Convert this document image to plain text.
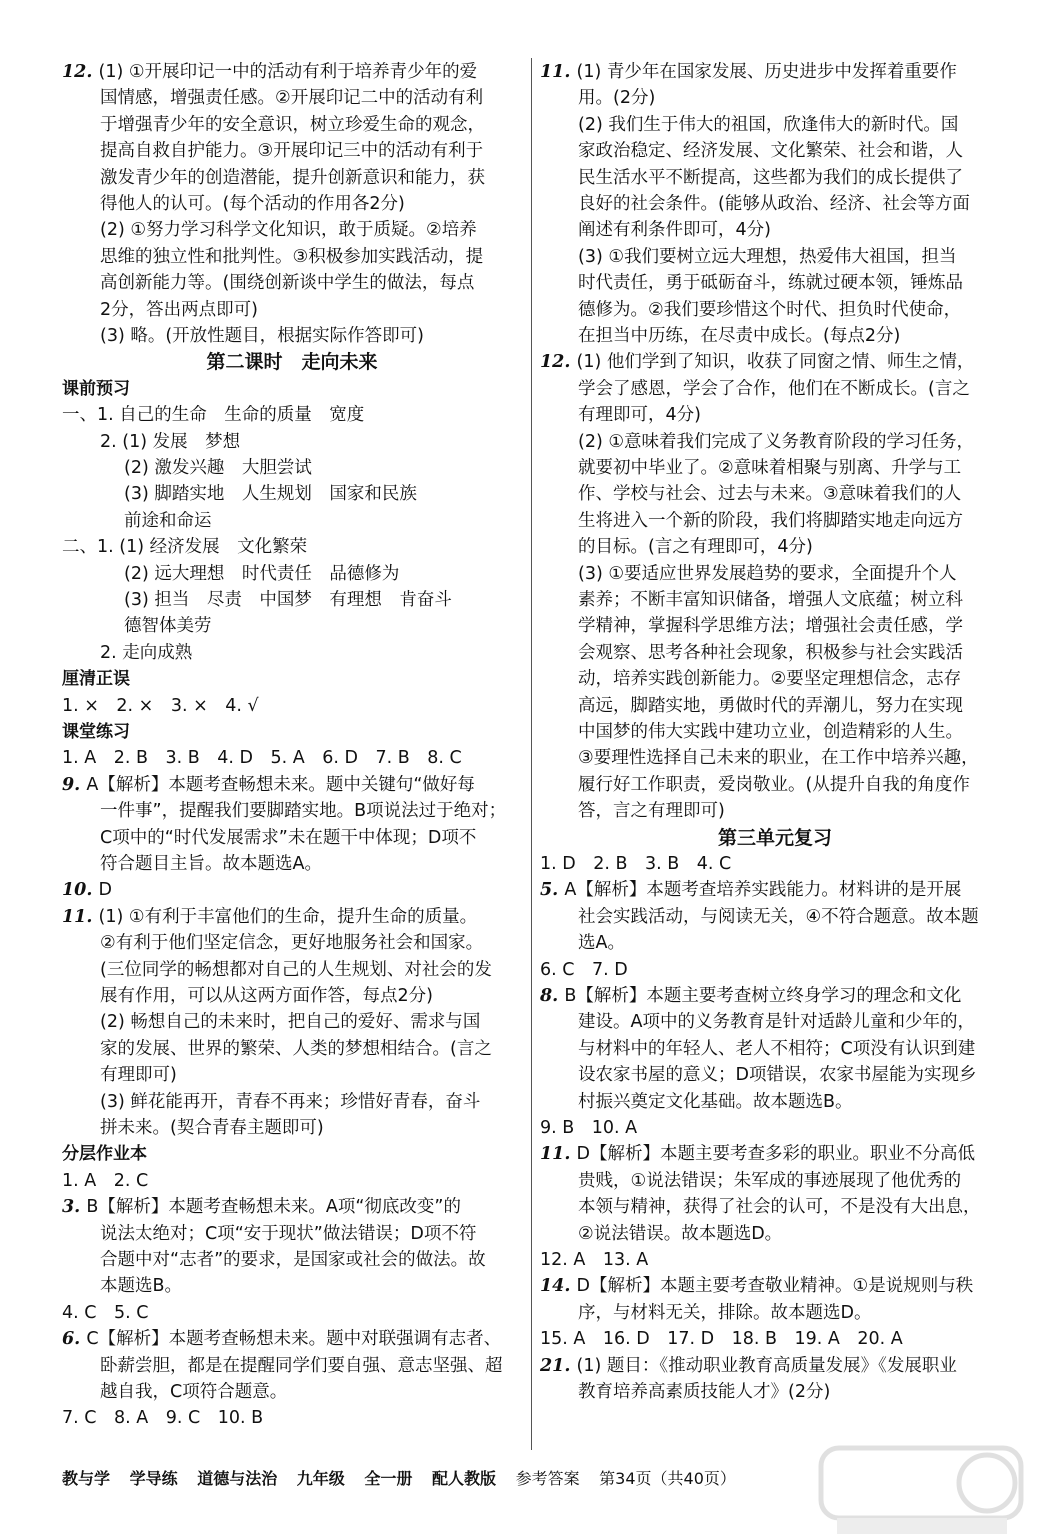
12. (1) ①开展印记一中的活动有利于培养青少年的爱
国情感，增强责任感。②开展印记二中的活动有利
于增强青少年的安全意识，树立珍爱生命的观念，
提高自救自护能力。③开展印记三中的活动有利于
激发青少年的创造潜能，提升创新意识和能力，获
得他人的认可。(每个活动的作用各2分)
(2) ①努力学习科学文化知识，敢于质疑。②培养
思维的独立性和批判性。③积极参加实践活动，提
高创新能力等。(围绕创新谈中学生的做法，每点
2分，答出两点即可)
(3) 略。(开放性题目，根据实际作答即可)
第二课时　走向未来
课前预习
一、1. 自己的生命　生命的质量　宽度
2. (1) 发展　梦想
(2) 激发兴趣　大胆尝试
(3) 脚踏实地　人生规划　国家和民族
前途和命运
二、1. (1) 经济发展　文化繁荣
(2) 远大理想　时代责任　品德修为
(3) 担当　尽责　中国梦　有理想　肯奋斗
德智体美劳
2. 走向成熟
厘清正误
1. ×　2. ×　3. ×　4. √
课堂练习
1. A　2. B　3. B　4. D　5. A　6. D　7. B　8. C
9. A【解析】本题考查畅想未来。题中关键句“做好每
一件事”，提醒我们要脚踏实地。B项说法过于绝对；
C项中的“时代发展需求”未在题干中体现；D项不
符合题目主旨。故本题选A。
10. D
11. (1) ①有利于丰富他们的生命，提升生命的质量。
②有利于他们坚定信念，更好地服务社会和国家。
(三位同学的畅想都对自己的人生规划、对社会的发
展有作用，可以从这两方面作答，每点2分)
(2) 畅想自己的未来时，把自己的爱好、需求与国
家的发展、世界的繁荣、人类的梦想相结合。(言之
有理即可)
(3) 鲜花能再开，青春不再来；珍惜好青春，奋斗
拼未来。(契合青春主题即可)
分层作业本
1. A　2. C
3. B【解析】本题考查畅想未来。A项“彻底改变”的
说法太绝对；C项“安于现状”做法错误；D项不符
合题中对“志者”的要求，是国家或社会的做法。故
本题选B。
4. C　5. C
6. C【解析】本题考查畅想未来。题中对联强调有志者、
卧薪尝胆，都是在提醒同学们要自强、意志坚强、超
越自我，C项符合题意。
7. C　8. A　9. C　10. B
11. (1) 青少年在国家发展、历史进步中发挥着重要作
用。(2分)
(2) 我们生于伟大的祖国，欣逢伟大的新时代。国
家政治稳定、经济发展、文化繁荣、社会和谐，人
民生活水平不断提高，这些都为我们的成长提供了
良好的社会条件。(能够从政治、经济、社会等方面
阐述有利条件即可，4分)
(3) ①我们要树立远大理想，热爱伟大祖国，担当
时代责任，勇于砥砺奋斗，练就过硬本领，锤炼品
德修为。②我们要珍惜这个时代、担负时代使命，
在担当中历练，在尽责中成长。(每点2分)
12. (1) 他们学到了知识，收获了同窗之情、师生之情，
学会了感恩，学会了合作，他们在不断成长。(言之
有理即可，4分)
(2) ①意味着我们完成了义务教育阶段的学习任务，
就要初中毕业了。②意味着相聚与别离、升学与工
作、学校与社会、过去与未来。③意味着我们的人
生将进入一个新的阶段，我们将脚踏实地走向远方
的目标。(言之有理即可，4分)
(3) ①要适应世界发展趋势的要求，全面提升个人
素养；不断丰富知识储备，增强人文底蕴；树立科
学精神，掌握科学思维方法；增强社会责任感，学
会观察、思考各种社会现象，积极参与社会实践活
动，培养实践创新能力。②要坚定理想信念，志存
高远，脚踏实地，勇做时代的弄潮儿，努力在实现
中国梦的伟大实践中建功立业，创造精彩的人生。
③要理性选择自己未来的职业，在工作中培养兴趣，
履行好工作职责，爱岗敬业。(从提升自我的角度作
答，言之有理即可)
第三单元复习
1. D　2. B　3. B　4. C
5. A【解析】本题考查培养实践能力。材料讲的是开展
社会实践活动，与阅读无关，④不符合题意。故本题
选A。
6. C　7. D
8. B【解析】本题主要考查树立终身学习的理念和文化
建设。A项中的义务教育是针对适龄儿童和少年的，
与材料中的年轻人、老人不相符；C项没有认识到建
设农家书屋的意义；D项错误，农家书屋能为实现乡
村振兴奠定文化基础。故本题选B。
9. B　10. A
11. D【解析】本题主要考查多彩的职业。职业不分高低
贵贱，①说法错误；朱军成的事迹展现了他优秀的
本领与精神，获得了社会的认可，不是没有大出息，
②说法错误。故本题选D。
12. A　13. A
14. D【解析】本题主要考查敬业精神。①是说规则与秩
序，与材料无关，排除。故本题选D。
15. A　16. D　17. D　18. B　19. A　20. A
21. (1) 题目：《推动职业教育高质量发展》《发展职业
教育培养高素质技能人才》(2分)
教与学 学导练 道德与法治 九年级 全一册 配人教版 参考答案 第34页（共40页）
